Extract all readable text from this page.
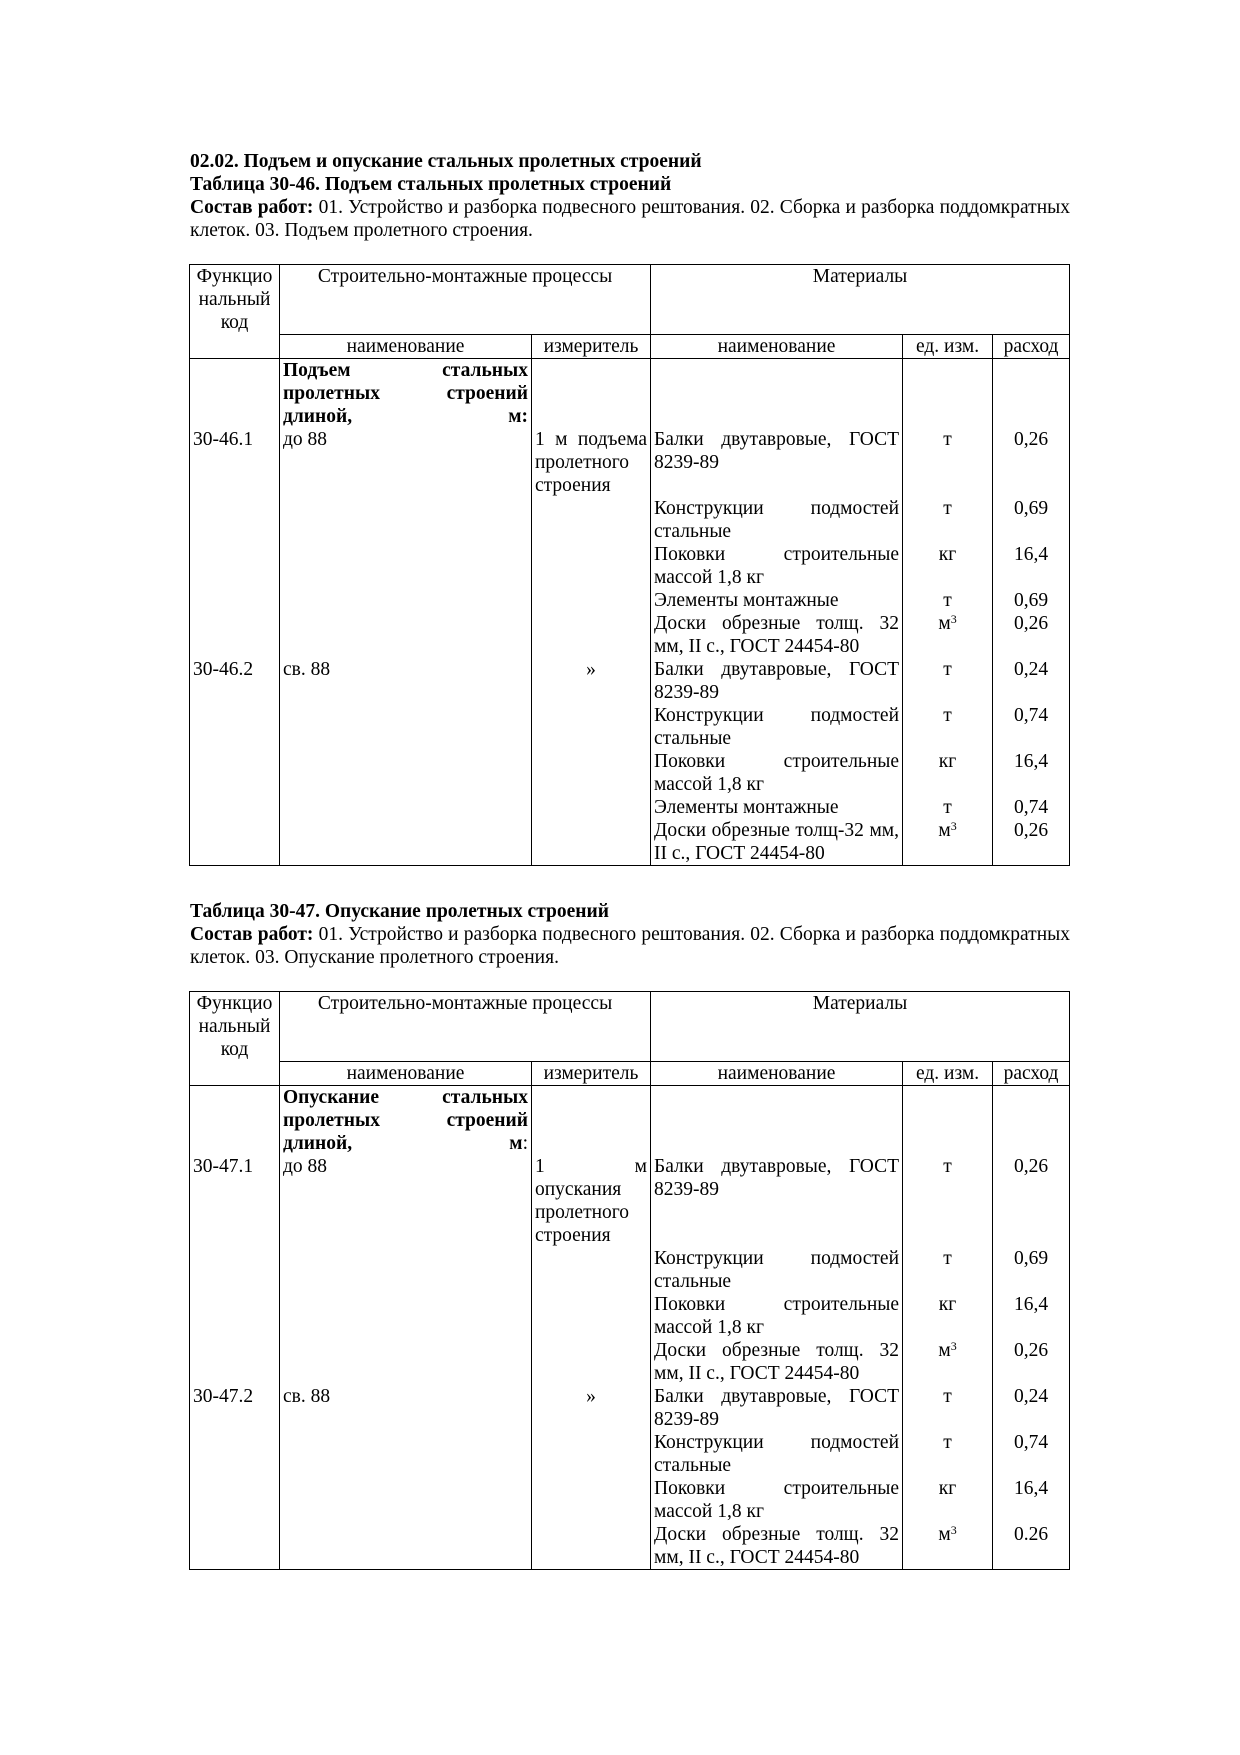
02.02. Подъем и опускание стальных пролетных строений
Таблица 30-46. Подъем стальных пролетных строений
Состав работ: 01. Устройство и разборка подвесного рештования. 02. Сборка и разборка поддомкратных клеток. 03. Подъем пролетного строения.
Функцио нальный код	Строительно-монтажные процессы		Материалы		
	наименование	измеритель	наименование	ед. изм.	расход
	Подъем стальных пролетных строений длиной, м:				
30-46.1	до 88	1 м подъема пролетного строения	Балки двутавровые, ГОСТ 8239-89	т	0,26
			Конструкции подмостей стальные	т	0,69
			Поковки строительные массой 1,8 кг	кг	16,4
			Элементы монтажные	т	0,69
			Доски обрезные толщ. 32 мм, II с., ГОСТ 24454-80	$м^3$	0,26
30-46.2	св. 88	»	Балки двутавровые, ГОСТ 8239-89	т	0,24
			Конструкции подмостей стальные	т	0,74
			Поковки строительные массой 1,8 кг	кг	16,4
			Элементы монтажные	т	0,74
			Доски обрезные толщ-32 мм, II с., ГОСТ 24454-80	$м^3$	0,26
Таблица 30-47. Опускание пролетных строений
Состав работ: 01. Устройство и разборка подвесного рештования. 02. Сборка и разборка поддомкратных клеток. 03. Опускание пролетного строения.
Функцио нальный код	Строительно-монтажные процессы		Материалы		
	наименование	измеритель	наименование	ед. изм.	расход
	Опускание стальных пролетных строений длиной, м:				
30-47.1	до 88	1 м опускания пролетного строения	Балки двутавровые, ГОСТ 8239-89	т	0,26
			Конструкции подмостей стальные	т	0,69
			Поковки строительные массой 1,8 кг	кг	16,4
			Доски обрезные толщ. 32 мм, II с., ГОСТ 24454-80	$м^3$	0,26
30-47.2	св. 88	»	Балки двутавровые, ГОСТ 8239-89	т	0,24
			Конструкции подмостей стальные	т	0,74
			Поковки строительные массой 1,8 кг	кг	16,4
			Доски обрезные толщ. 32 мм, II с., ГОСТ 24454-80	$м^3$	0.26
